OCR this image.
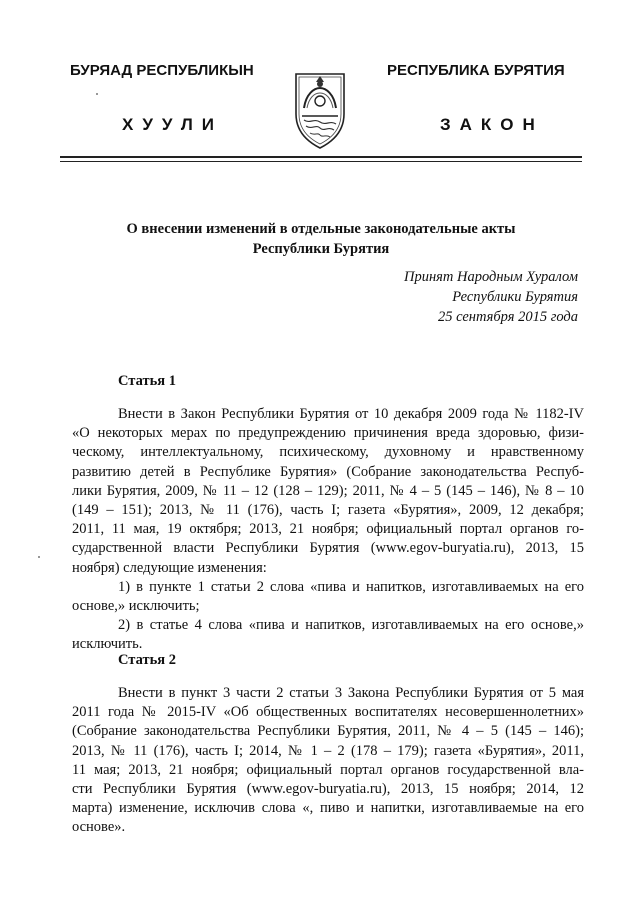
БУРЯАД РЕСПУБЛИКЫН	РЕСПУБЛИКА БУРЯТИЯ
ХУУЛИ	ЗАКОН
О внесении изменений в отдельные законодательные акты
Республики Бурятия
Принят Народным Хуралом
Республики Бурятия
25 сентября 2015 года
Статья 1
Внести в Закон Республики Бурятия от 10 декабря 2009 года № 1182-IV
«О некоторых мерах по предупреждению причинения вреда здоровью, физи-
ческому, интеллектуальному, психическому, духовному и нравственному
развитию детей в Республике Бурятия» (Собрание законодательства Респуб-
лики Бурятия, 2009, № 11 – 12 (128 – 129); 2011, № 4 – 5 (145 – 146), № 8 – 10
(149 – 151); 2013, № 11 (176), часть I; газета «Бурятия», 2009, 12 декабря;
2011, 11 мая, 19 октября; 2013, 21 ноября; официальный портал органов го-
сударственной власти Республики Бурятия (www.egov-buryatia.ru), 2013, 15
ноября) следующие изменения:
1) в пункте 1 статьи 2 слова «пива и напитков, изготавливаемых на его
основе,» исключить;
2) в статье 4 слова «пива и напитков, изготавливаемых на его основе,»
исключить.
Статья 2
Внести в пункт 3 части 2 статьи 3 Закона Республики Бурятия от 5 мая
2011 года № 2015-IV «Об общественных воспитателях несовершеннолетних»
(Собрание законодательства Республики Бурятия, 2011, № 4 – 5 (145 – 146);
2013, № 11 (176), часть I; 2014, № 1 – 2 (178 – 179); газета «Бурятия», 2011,
11 мая; 2013, 21 ноября; официальный портал органов государственной вла-
сти Республики Бурятия (www.egov-buryatia.ru), 2013, 15 ноября; 2014, 12
марта) изменение, исключив слова «, пиво и напитки, изготавливаемые на его
основе».
